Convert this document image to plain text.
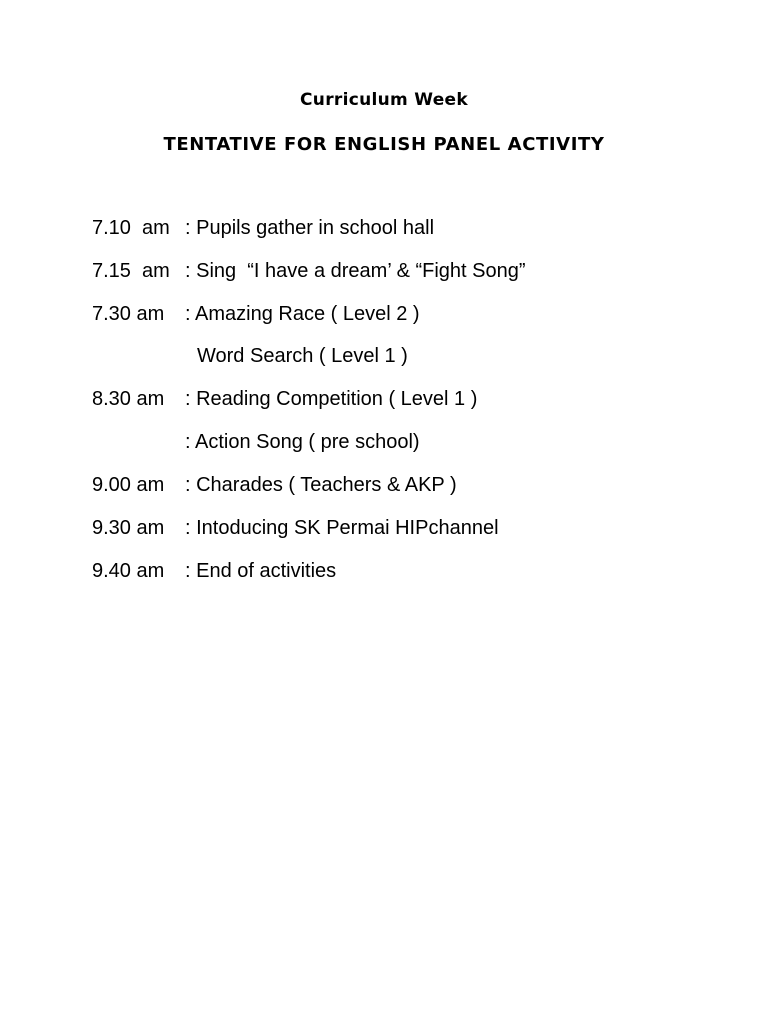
Curriculum Week
TENTATIVE FOR ENGLISH PANEL ACTIVITY

7.10  am

: Pupils gather in school hall

7.15  am

: Sing  “I have a dream’ & “Fight Song”

7.30 am

: Amazing Race ( Level 2 )

Word Search ( Level 1 )

8.30 am

: Reading Competition ( Level 1 )

: Action Song ( pre school)

9.00 am

: Charades ( Teachers & AKP )

9.30 am

: Intoducing SK Permai HIPchannel

9.40 am

: End of activities
